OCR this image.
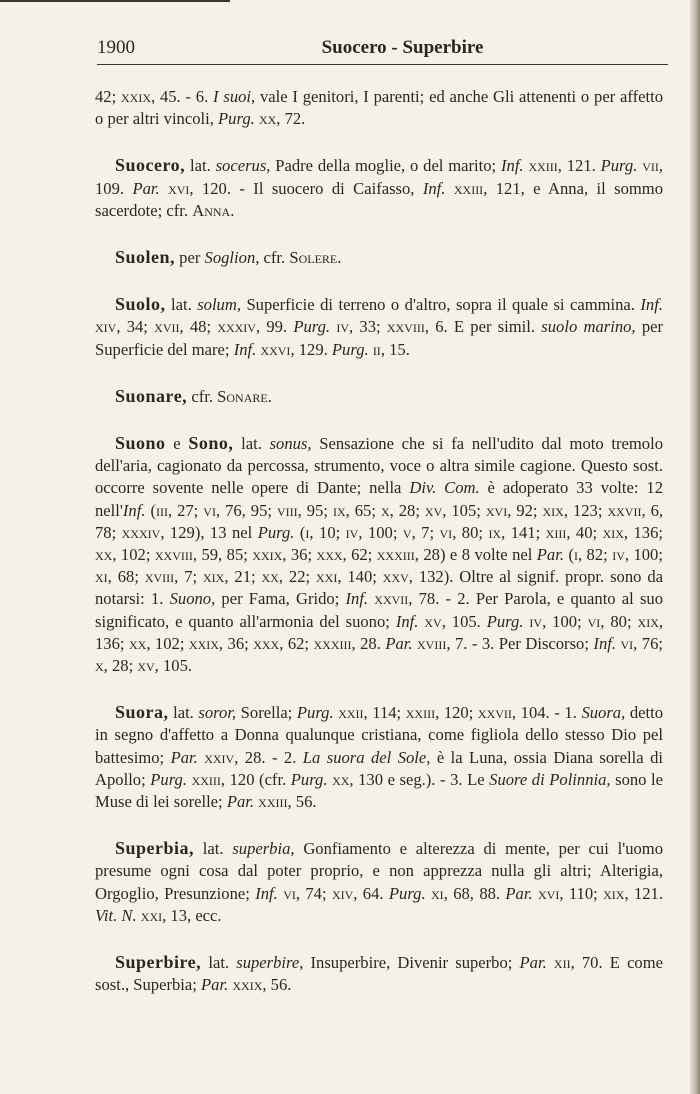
1900	Suocero - Superbire

42; xxix, 45. - 6. I suoi, vale I genitori, I parenti; ed anche Gli attenenti o per affetto o per altri vincoli, Purg. xx, 72.

Suocero, lat. socerus, Padre della moglie, o del marito; Inf. xxiii, 121. Purg. vii, 109. Par. xvi, 120. - Il suocero di Caifasso, Inf. xxiii, 121, e Anna, il sommo sacerdote; cfr. Anna.

Suolen, per Soglion, cfr. Solere.

Suolo, lat. solum, Superficie di terreno o d'altro, sopra il quale si cammina. Inf. xiv, 34; xvii, 48; xxxiv, 99. Purg. iv, 33; xxviii, 6. E per simil. suolo marino, per Superficie del mare; Inf. xxvi, 129. Purg. ii, 15.

Suonare, cfr. Sonare.

Suono e Sono, lat. sonus, Sensazione che si fa nell'udito dal moto tremolo dell'aria, cagionato da percossa, strumento, voce o altra simile cagione. Questo sost. occorre sovente nelle opere di Dante; nella Div. Com. è adoperato 33 volte: 12 nell'Inf. (iii, 27; vi, 76, 95; viii, 95; ix, 65; x, 28; xv, 105; xvi, 92; xix, 123; xxvii, 6, 78; xxxiv, 129), 13 nel Purg. (i, 10; iv, 100; v, 7; vi, 80; ix, 141; xiii, 40; xix, 136; xx, 102; xxviii, 59, 85; xxix, 36; xxx, 62; xxxiii, 28) e 8 volte nel Par. (i, 82; iv, 100; xi, 68; xviii, 7; xix, 21; xx, 22; xxi, 140; xxv, 132). Oltre al signif. propr. sono da notarsi: 1. Suono, per Fama, Grido; Inf. xxvii, 78. - 2. Per Parola, e quanto al suo significato, e quanto all'armonia del suono; Inf. xv, 105. Purg. iv, 100; vi, 80; xix, 136; xx, 102; xxix, 36; xxx, 62; xxxiii, 28. Par. xviii, 7. - 3. Per Discorso; Inf. vi, 76; x, 28; xv, 105.

Suora, lat. soror, Sorella; Purg. xxii, 114; xxiii, 120; xxvii, 104. - 1. Suora, detto in segno d'affetto a Donna qualunque cristiana, come figliola dello stesso Dio pel battesimo; Par. xxiv, 28. - 2. La suora del Sole, è la Luna, ossia Diana sorella di Apollo; Purg. xxiii, 120 (cfr. Purg. xx, 130 e seg.). - 3. Le Suore di Polinnia, sono le Muse di lei sorelle; Par. xxiii, 56.

Superbia, lat. superbia, Gonfiamento e alterezza di mente, per cui l'uomo presume ogni cosa dal poter proprio, e non apprezza nulla gli altri; Alterigia, Orgoglio, Presunzione; Inf. vi, 74; xiv, 64. Purg. xi, 68, 88. Par. xvi, 110; xix, 121. Vit. N. xxi, 13, ecc.

Superbire, lat. superbire, Insuperbire, Divenir superbo; Par. xii, 70. E come sost., Superbia; Par. xxix, 56.
